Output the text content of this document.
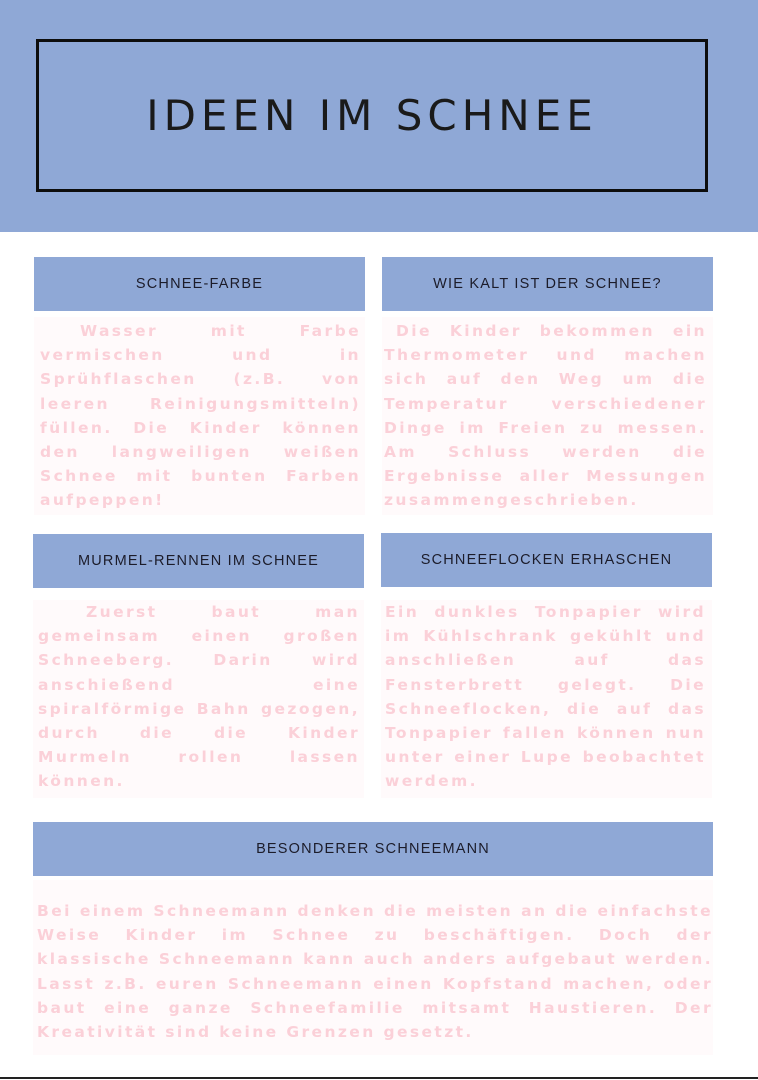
IDEEN IM SCHNEE
SCHNEE-FARBE
Wasser mit Farbe vermischen und in Sprühflaschen (z.B. von leeren Reinigungsmitteln) füllen. Die Kinder können den langweiligen weißen Schnee mit bunten Farben aufpeppen!
WIE KALT IST DER SCHNEE?
Die Kinder bekommen ein Thermometer und machen sich auf den Weg um die Temperatur verschiedener Dinge im Freien zu messen. Am Schluss werden die Ergebnisse aller Messungen zusammengeschrieben.
MURMEL-RENNEN IM SCHNEE
Zuerst baut man gemeinsam einen großen Schneeberg. Darin wird anschießend eine spiralförmige Bahn gezogen, durch die die Kinder Murmeln rollen lassen können.
SCHNEEFLOCKEN ERHASCHEN
Ein dunkles Tonpapier wird im Kühlschrank gekühlt und anschließen auf das Fensterbrett gelegt. Die Schneeflocken, die auf das Tonpapier fallen können nun unter einer Lupe beobachtet werdem.
BESONDERER SCHNEEMANN
Bei einem Schneemann denken die meisten an die einfachste Weise Kinder im Schnee zu beschäftigen. Doch der klassische Schneemann kann auch anders aufgebaut werden. Lasst z.B. euren Schneemann einen Kopfstand machen, oder baut eine ganze Schneefamilie mitsamt Haustieren. Der Kreativität sind keine Grenzen gesetzt.
